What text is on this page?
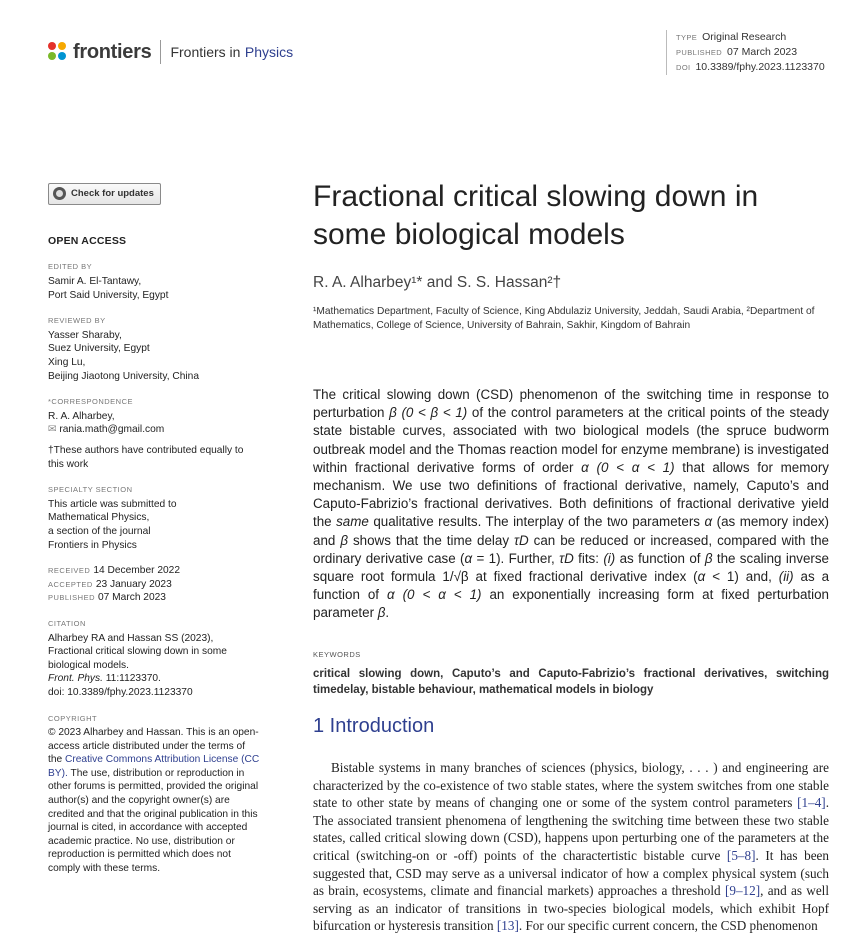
frontiers Frontiers in
Physics
TYPE Original Research
PUBLISHED 07 March 2023
DOI 10.3389/fphy.2023.1123370
Check for updates
OPEN ACCESS
EDITED BY
Samir A. El-Tantawy,
Port Said University, Egypt
REVIEWED BY
Yasser Sharaby,
Suez University, Egypt
Xing Lu,
Beijing Jiaotong University, China
*CORRESPONDENCE
R. A. Alharbey,
✉ rania.math@gmail.com
†These authors have contributed equally to this work
SPECIALTY SECTION
This article was submitted to
Mathematical Physics,
a section of the journal
Frontiers in Physics
RECEIVED 14 December 2022
ACCEPTED 23 January 2023
PUBLISHED 07 March 2023
CITATION
Alharbey RA and Hassan SS (2023),
Fractional critical slowing down in some
biological models.
Front. Phys. 11:1123370.
doi: 10.3389/fphy.2023.1123370
COPYRIGHT
© 2023 Alharbey and Hassan. This is an open-access article distributed under the terms of the Creative Commons Attribution License (CC BY). The use, distribution or reproduction in other forums is permitted, provided the original author(s) and the copyright owner(s) are credited and that the original publication in this journal is cited, in accordance with accepted academic practice. No use, distribution or reproduction is permitted which does not comply with these terms.
Fractional critical slowing down in some biological models
R. A. Alharbey¹* and S. S. Hassan²†
¹Mathematics Department, Faculty of Science, King Abdulaziz University, Jeddah, Saudi Arabia, ²Department of Mathematics, College of Science, University of Bahrain, Sakhir, Kingdom of Bahrain
The critical slowing down (CSD) phenomenon of the switching time in response to perturbation β (0 < β < 1) of the control parameters at the critical points of the steady state bistable curves, associated with two biological models (the spruce budworm outbreak model and the Thomas reaction model for enzyme membrane) is investigated within fractional derivative forms of order α (0 < α < 1) that allows for memory mechanism. We use two definitions of fractional derivative, namely, Caputo’s and Caputo-Fabrizio’s fractional derivatives. Both definitions of fractional derivative yield the same qualitative results. The interplay of the two parameters α (as memory index) and β shows that the time delay τD can be reduced or increased, compared with the ordinary derivative case (α = 1). Further, τD fits: (i) as function of β the scaling inverse square root formula 1/√β at fixed fractional derivative index (α < 1) and, (ii) as a function of α (0 < α < 1) an exponentially increasing form at fixed perturbation parameter β.
KEYWORDS
critical slowing down, Caputo’s and Caputo-Fabrizio’s fractional derivatives, switching timedelay, bistable behaviour, mathematical models in biology
1 Introduction
Bistable systems in many branches of sciences (physics, biology, . . . ) and engineering are characterized by the co-existence of two stable states, where the system switches from one stable state to other state by means of changing one or some of the system control parameters [1–4]. The associated transient phenomena of lengthening the switching time between these two stable states, called critical slowing down (CSD), happens upon perturbing one of the parameters at the critical (switching-on or -off) points of the charactertistic bistable curve [5–8]. It has been suggested that, CSD may serve as a universal indicator of how a complex physical system (such as brain, ecosystems, climate and financial markets) approaches a threshold [9–12], and as well serving as an indicator of transitions in two-species biological models, which exhibit Hopf bifurcation or hysteresis transition [13]. For our specific current concern, the CSD phenomenon
